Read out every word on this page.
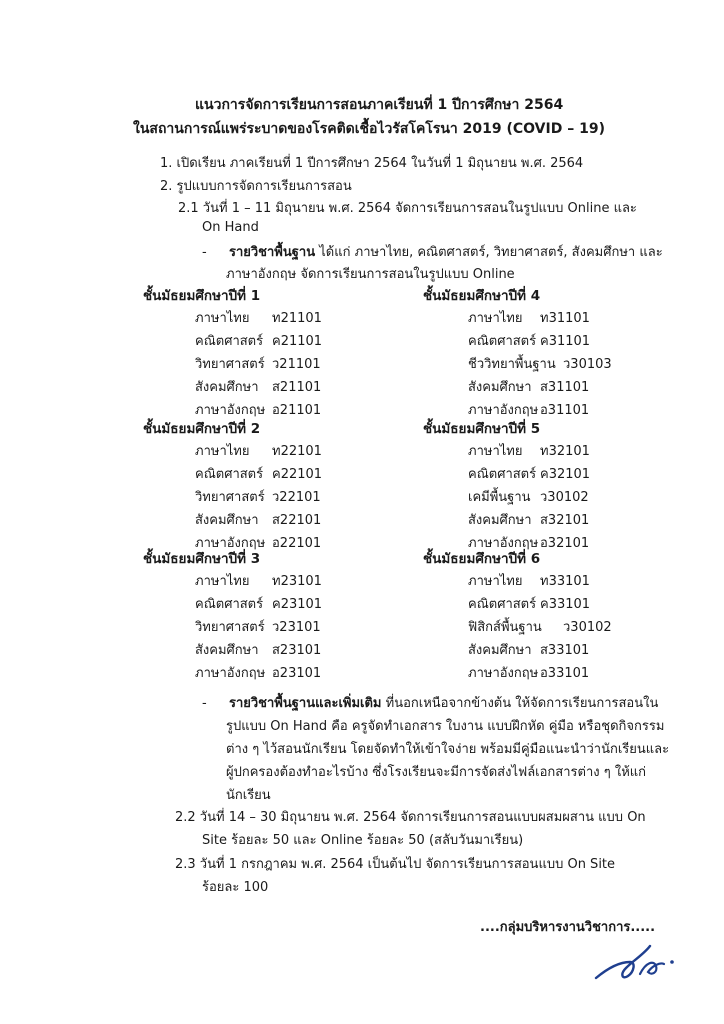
แนวการจัดการเรียนการสอนภาคเรียนที่ 1 ปีการศึกษา 2564
ในสถานการณ์แพร่ระบาดของโรคติดเชื้อไวรัสโคโรนา 2019 (COVID – 19)
1. เปิดเรียน ภาคเรียนที่ 1 ปีการศึกษา 2564 ในวันที่ 1 มิถุนายน พ.ศ. 2564
2. รูปแบบการจัดการเรียนการสอน
2.1 วันที่ 1 – 11 มิถุนายน พ.ศ. 2564 จัดการเรียนการสอนในรูปแบบ Online และ
On Hand
- รายวิชาพื้นฐาน ได้แก่ ภาษาไทย, คณิตศาสตร์, วิทยาศาสตร์, สังคมศึกษา และ
ภาษาอังกฤษ จัดการเรียนการสอนในรูปแบบ Online
ชั้นมัธยมศึกษาปีที่ 1
ภาษาไทย ท21101
คณิตศาสตร์ ค21101
วิทยาศาสตร์ ว21101
สังคมศึกษา ส21101
ภาษาอังกฤษ อ21101
ชั้นมัธยมศึกษาปีที่ 2
ภาษาไทย ท22101
คณิตศาสตร์ ค22101
วิทยาศาสตร์ ว22101
สังคมศึกษา ส22101
ภาษาอังกฤษ อ22101
ชั้นมัธยมศึกษาปีที่ 3
ภาษาไทย ท23101
คณิตศาสตร์ ค23101
วิทยาศาสตร์ ว23101
สังคมศึกษา ส23101
ภาษาอังกฤษ อ23101
ชั้นมัธยมศึกษาปีที่ 4
ภาษาไทย ท31101
คณิตศาสตร์ ค31101
ชีววิทยาพื้นฐาน ว30103
สังคมศึกษา ส31101
ภาษาอังกฤษ อ31101
ชั้นมัธยมศึกษาปีที่ 5
ภาษาไทย ท32101
คณิตศาสตร์ ค32101
เคมีพื้นฐาน ว30102
สังคมศึกษา ส32101
ภาษาอังกฤษ อ32101
ชั้นมัธยมศึกษาปีที่ 6
ภาษาไทย ท33101
คณิตศาสตร์ ค33101
ฟิสิกส์พื้นฐาน ว30102
สังคมศึกษา ส33101
ภาษาอังกฤษ อ33101
- รายวิชาพื้นฐานและเพิ่มเติม ที่นอกเหนือจากข้างต้น ให้จัดการเรียนการสอนใน
รูปแบบ On Hand คือ ครูจัดทำเอกสาร ใบงาน แบบฝึกหัด คู่มือ หรือชุดกิจกรรม
ต่าง ๆ ไว้สอนนักเรียน โดยจัดทำให้เข้าใจง่าย พร้อมมีคู่มือแนะนำว่านักเรียนและ
ผู้ปกครองต้องทำอะไรบ้าง ซึ่งโรงเรียนจะมีการจัดส่งไฟล์เอกสารต่าง ๆ ให้แก่
นักเรียน
2.2 วันที่ 14 – 30 มิถุนายน พ.ศ. 2564 จัดการเรียนการสอนแบบผสมผสาน แบบ On
Site ร้อยละ 50 และ Online ร้อยละ 50 (สลับวันมาเรียน)
2.3 วันที่ 1 กรกฎาคม พ.ศ. 2564 เป็นต้นไป จัดการเรียนการสอนแบบ On Site
ร้อยละ 100
....กลุ่มบริหารงานวิชาการ.....
